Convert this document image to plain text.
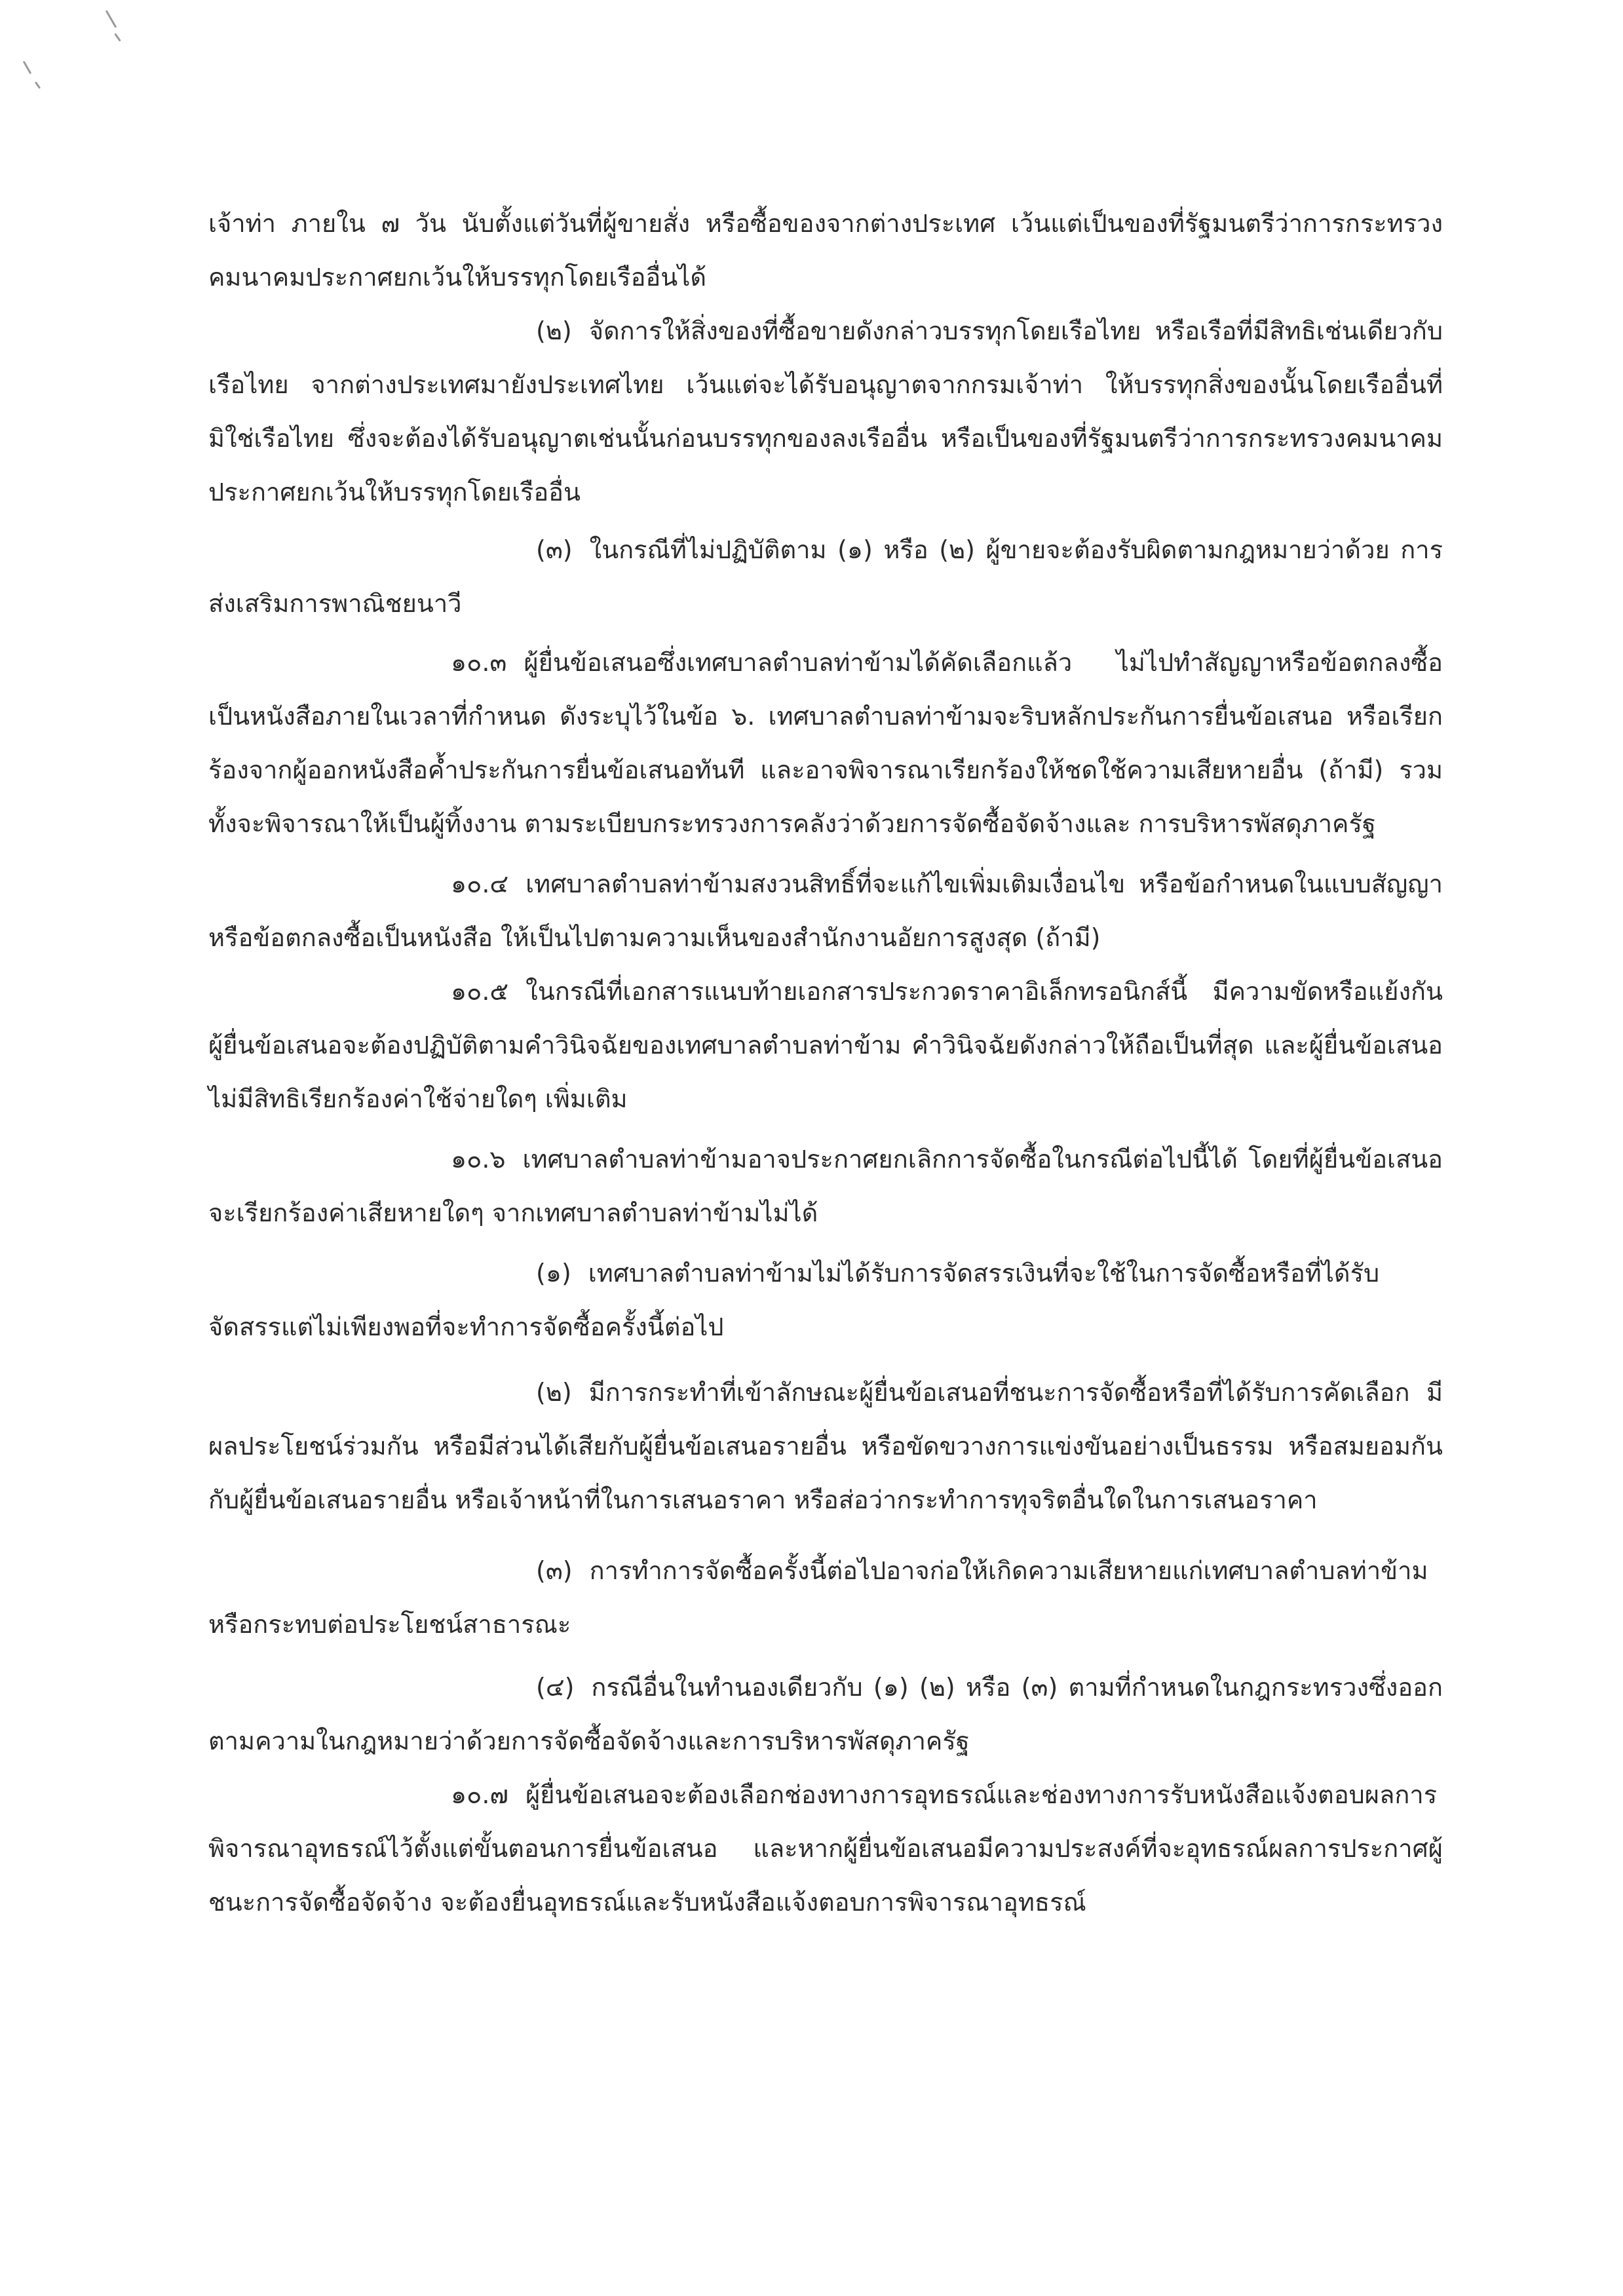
เจ้าท่า ภายใน ๗ วัน นับตั้งแต่วันที่ผู้ขายสั่ง หรือซื้อของจากต่างประเทศ เว้นแต่เป็นของที่รัฐมนตรีว่าการกระทรวงคมนาคมประกาศยกเว้นให้บรรทุกโดยเรืออื่นได้

(๒) จัดการให้สิ่งของที่ซื้อขายดังกล่าวบรรทุกโดยเรือไทย หรือเรือที่มีสิทธิเช่นเดียวกับเรือไทย จากต่างประเทศมายังประเทศไทย เว้นแต่จะได้รับอนุญาตจากกรมเจ้าท่า ให้บรรทุกสิ่งของนั้นโดยเรืออื่นที่มิใช่เรือไทย ซึ่งจะต้องได้รับอนุญาตเช่นนั้นก่อนบรรทุกของลงเรืออื่น หรือเป็นของที่รัฐมนตรีว่าการกระทรวงคมนาคมประกาศยกเว้นให้บรรทุกโดยเรืออื่น

(๓) ในกรณีที่ไม่ปฏิบัติตาม (๑) หรือ (๒) ผู้ขายจะต้องรับผิดตามกฎหมายว่าด้วย การส่งเสริมการพาณิชยนาวี

๑๐.๓ ผู้ยื่นข้อเสนอซึ่งเทศบาลตำบลท่าข้ามได้คัดเลือกแล้ว ไม่ไปทำสัญญาหรือข้อตกลงซื้อ เป็นหนังสือภายในเวลาที่กำหนด ดังระบุไว้ในข้อ ๖. เทศบาลตำบลท่าข้ามจะริบหลักประกันการยื่นข้อเสนอ หรือเรียกร้องจากผู้ออกหนังสือค้ำประกันการยื่นข้อเสนอทันที และอาจพิจารณาเรียกร้องให้ชดใช้ความเสียหายอื่น (ถ้ามี) รวมทั้งจะพิจารณาให้เป็นผู้ทิ้งงาน ตามระเบียบกระทรวงการคลังว่าด้วยการจัดซื้อจัดจ้างและ การบริหารพัสดุภาครัฐ

๑๐.๔ เทศบาลตำบลท่าข้ามสงวนสิทธิ์ที่จะแก้ไขเพิ่มเติมเงื่อนไข หรือข้อกำหนดในแบบสัญญาหรือข้อตกลงซื้อเป็นหนังสือ ให้เป็นไปตามความเห็นของสำนักงานอัยการสูงสุด (ถ้ามี)

๑๐.๕ ในกรณีที่เอกสารแนบท้ายเอกสารประกวดราคาอิเล็กทรอนิกส์นี้ มีความขัดหรือแย้งกัน ผู้ยื่นข้อเสนอจะต้องปฏิบัติตามคำวินิจฉัยของเทศบาลตำบลท่าข้าม คำวินิจฉัยดังกล่าวให้ถือเป็นที่สุด และผู้ยื่นข้อเสนอไม่มีสิทธิเรียกร้องค่าใช้จ่ายใดๆ เพิ่มเติม

๑๐.๖ เทศบาลตำบลท่าข้ามอาจประกาศยกเลิกการจัดซื้อในกรณีต่อไปนี้ได้ โดยที่ผู้ยื่นข้อเสนอ จะเรียกร้องค่าเสียหายใดๆ จากเทศบาลตำบลท่าข้ามไม่ได้

(๑) เทศบาลตำบลท่าข้ามไม่ได้รับการจัดสรรเงินที่จะใช้ในการจัดซื้อหรือที่ได้รับจัดสรรแต่ไม่เพียงพอที่จะทำการจัดซื้อครั้งนี้ต่อไป

(๒) มีการกระทำที่เข้าลักษณะผู้ยื่นข้อเสนอที่ชนะการจัดซื้อหรือที่ได้รับการคัดเลือก มีผลประโยชน์ร่วมกัน หรือมีส่วนได้เสียกับผู้ยื่นข้อเสนอรายอื่น หรือขัดขวางการแข่งขันอย่างเป็นธรรม หรือสมยอมกันกับผู้ยื่นข้อเสนอรายอื่น หรือเจ้าหน้าที่ในการเสนอราคา หรือส่อว่ากระทำการทุจริตอื่นใดในการเสนอราคา

(๓) การทำการจัดซื้อครั้งนี้ต่อไปอาจก่อให้เกิดความเสียหายแก่เทศบาลตำบลท่าข้าม หรือกระทบต่อประโยชน์สาธารณะ

(๔) กรณีอื่นในทำนองเดียวกับ (๑) (๒) หรือ (๓) ตามที่กำหนดในกฎกระทรวงซึ่งออกตามความในกฎหมายว่าด้วยการจัดซื้อจัดจ้างและการบริหารพัสดุภาครัฐ

๑๐.๗ ผู้ยื่นข้อเสนอจะต้องเลือกช่องทางการอุทธรณ์และช่องทางการรับหนังสือแจ้งตอบผลการพิจารณาอุทธรณ์ไว้ตั้งแต่ขั้นตอนการยื่นข้อเสนอ และหากผู้ยื่นข้อเสนอมีความประสงค์ที่จะอุทธรณ์ผลการประกาศผู้ชนะการจัดซื้อจัดจ้าง จะต้องยื่นอุทธรณ์และรับหนังสือแจ้งตอบการพิจารณาอุทธรณ์
